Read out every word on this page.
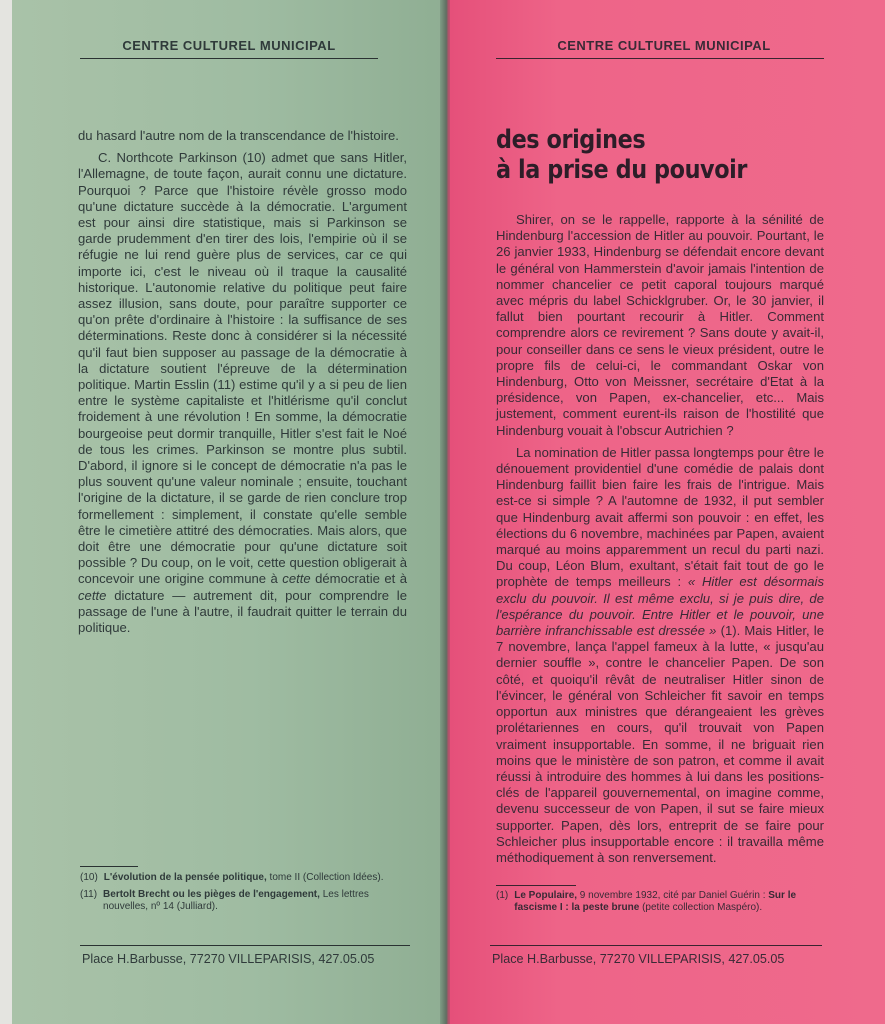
CENTRE CULTUREL MUNICIPAL

du hasard l'autre nom de la transcendance de l'histoire.

C. Northcote Parkinson (10) admet que sans Hitler, l'Allemagne, de toute façon, aurait connu une dictature. Pourquoi ? Parce que l'histoire révèle grosso modo qu'une dictature succède à la démocratie. L'argument est pour ainsi dire statistique, mais si Parkinson se garde prudemment d'en tirer des lois, l'empirie où il se réfugie ne lui rend guère plus de services, car ce qui importe ici, c'est le niveau où il traque la causalité historique. L'autonomie relative du politique peut faire assez illusion, sans doute, pour paraître supporter ce qu'on prête d'ordinaire à l'histoire : la suffisance de ses déterminations. Reste donc à considérer si la nécessité qu'il faut bien supposer au passage de la démocratie à la dictature soutient l'épreuve de la détermination politique. Martin Esslin (11) estime qu'il y a si peu de lien entre le système capitaliste et l'hitlérisme qu'il conclut froidement à une révolution ! En somme, la démocratie bourgeoise peut dormir tranquille, Hitler s'est fait le Noé de tous les crimes. Parkinson se montre plus subtil. D'abord, il ignore si le concept de démocratie n'a pas le plus souvent qu'une valeur nominale ; ensuite, touchant l'origine de la dictature, il se garde de rien conclure trop formellement : simplement, il constate qu'elle semble être le cimetière attitré des démocraties. Mais alors, que doit être une démocratie pour qu'une dictature soit possible ? Du coup, on le voit, cette question obligerait à concevoir une origine commune à cette démocratie et à cette dictature — autrement dit, pour comprendre le passage de l'une à l'autre, il faudrait quitter le terrain du politique.

(10) L'évolution de la pensée politique, tome II (Collection Idées).
(11) Bertolt Brecht ou les pièges de l'engagement, Les lettres nouvelles, nº 14 (Julliard).
Place H.Barbusse, 77270 VILLEPARISIS, 427.05.05
CENTRE CULTUREL MUNICIPAL
des origines
à la prise du pouvoir

Shirer, on se le rappelle, rapporte à la sénilité de Hindenburg l'accession de Hitler au pouvoir. Pourtant, le 26 janvier 1933, Hindenburg se défendait encore devant le général von Hammerstein d'avoir jamais l'intention de nommer chancelier ce petit caporal toujours marqué avec mépris du label Schicklgruber. Or, le 30 janvier, il fallut bien pourtant recourir à Hitler. Comment comprendre alors ce revirement ? Sans doute y avait-il, pour conseiller dans ce sens le vieux président, outre le propre fils de celui-ci, le commandant Oskar von Hindenburg, Otto von Meissner, secrétaire d'Etat à la présidence, von Papen, ex-chancelier, etc... Mais justement, comment eurent-ils raison de l'hostilité que Hindenburg vouait à l'obscur Autrichien ?

La nomination de Hitler passa longtemps pour être le dénouement providentiel d'une comédie de palais dont Hindenburg faillit bien faire les frais de l'intrigue. Mais est-ce si simple ? A l'automne de 1932, il put sembler que Hindenburg avait affermi son pouvoir : en effet, les élections du 6 novembre, machinées par Papen, avaient marqué au moins apparemment un recul du parti nazi. Du coup, Léon Blum, exultant, s'était fait tout de go le prophète de temps meilleurs : « Hitler est désormais exclu du pouvoir. Il est même exclu, si je puis dire, de l'espérance du pouvoir. Entre Hitler et le pouvoir, une barrière infranchissable est dressée » (1). Mais Hitler, le 7 novembre, lança l'appel fameux à la lutte, « jusqu'au dernier souffle », contre le chancelier Papen. De son côté, et quoiqu'il rêvât de neutraliser Hitler sinon de l'évincer, le général von Schleicher fit savoir en temps opportun aux ministres que dérangeaient les grèves prolétariennes en cours, qu'il trouvait von Papen vraiment insupportable. En somme, il ne briguait rien moins que le ministère de son patron, et comme il avait réussi à introduire des hommes à lui dans les positions-clés de l'appareil gouvernemental, on imagine comme, devenu successeur de von Papen, il sut se faire mieux supporter. Papen, dès lors, entreprit de se faire pour Schleicher plus insupportable encore : il travailla même méthodiquement à son renversement.

(1) Le Populaire, 9 novembre 1932, cité par Daniel Guérin : Sur le fascisme I : la peste brune (petite collection Maspéro).
Place H.Barbusse, 77270 VILLEPARISIS, 427.05.05
